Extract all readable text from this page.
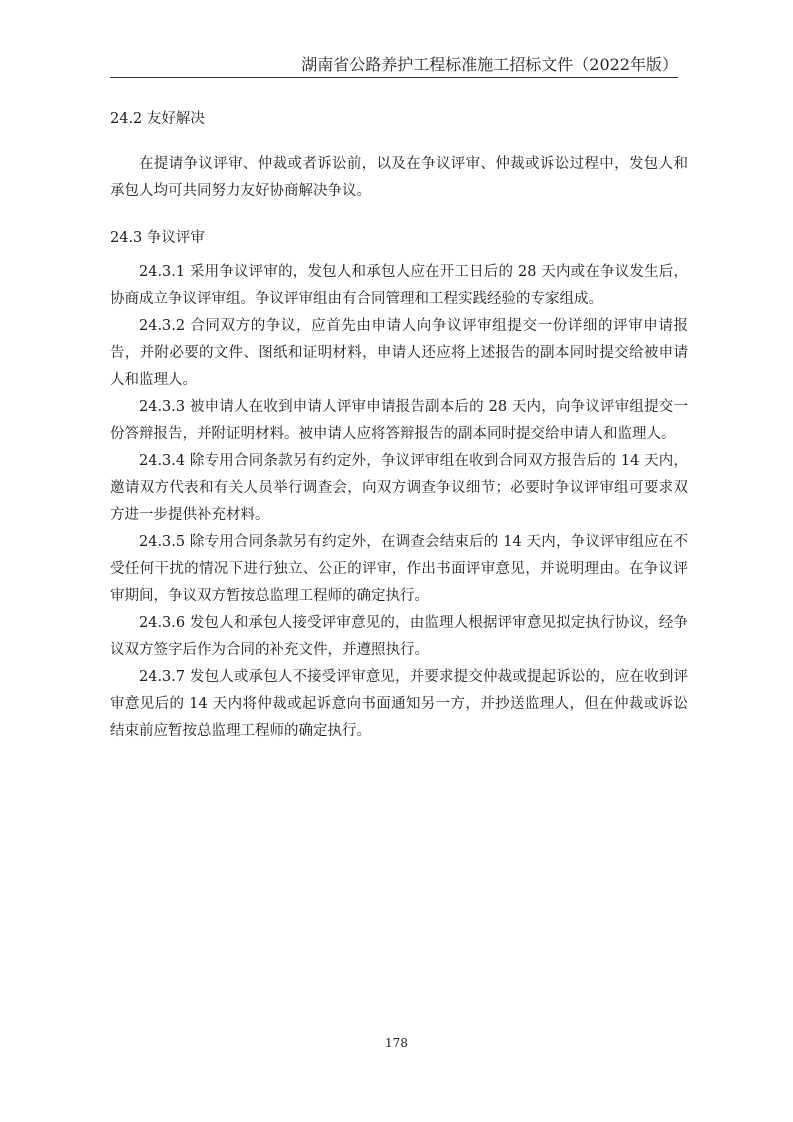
湖南省公路养护工程标准施工招标文件（2022年版）

24.2 友好解决

在提请争议评审、仲裁或者诉讼前，以及在争议评审、仲裁或诉讼过程中，发包人和承包人均可共同努力友好协商解决争议。

24.3 争议评审

24.3.1 采用争议评审的，发包人和承包人应在开工日后的 28 天内或在争议发生后，协商成立争议评审组。争议评审组由有合同管理和工程实践经验的专家组成。

24.3.2 合同双方的争议，应首先由申请人向争议评审组提交一份详细的评审申请报告，并附必要的文件、图纸和证明材料，申请人还应将上述报告的副本同时提交给被申请人和监理人。

24.3.3 被申请人在收到申请人评审申请报告副本后的 28 天内，向争议评审组提交一份答辩报告，并附证明材料。被申请人应将答辩报告的副本同时提交给申请人和监理人。

24.3.4 除专用合同条款另有约定外，争议评审组在收到合同双方报告后的 14 天内，邀请双方代表和有关人员举行调查会，向双方调查争议细节；必要时争议评审组可要求双方进一步提供补充材料。

24.3.5 除专用合同条款另有约定外，在调查会结束后的 14 天内，争议评审组应在不受任何干扰的情况下进行独立、公正的评审，作出书面评审意见，并说明理由。在争议评审期间，争议双方暂按总监理工程师的确定执行。

24.3.6 发包人和承包人接受评审意见的，由监理人根据评审意见拟定执行协议，经争议双方签字后作为合同的补充文件，并遵照执行。

24.3.7 发包人或承包人不接受评审意见，并要求提交仲裁或提起诉讼的，应在收到评审意见后的 14 天内将仲裁或起诉意向书面通知另一方，并抄送监理人，但在仲裁或诉讼结束前应暂按总监理工程师的确定执行。

178
